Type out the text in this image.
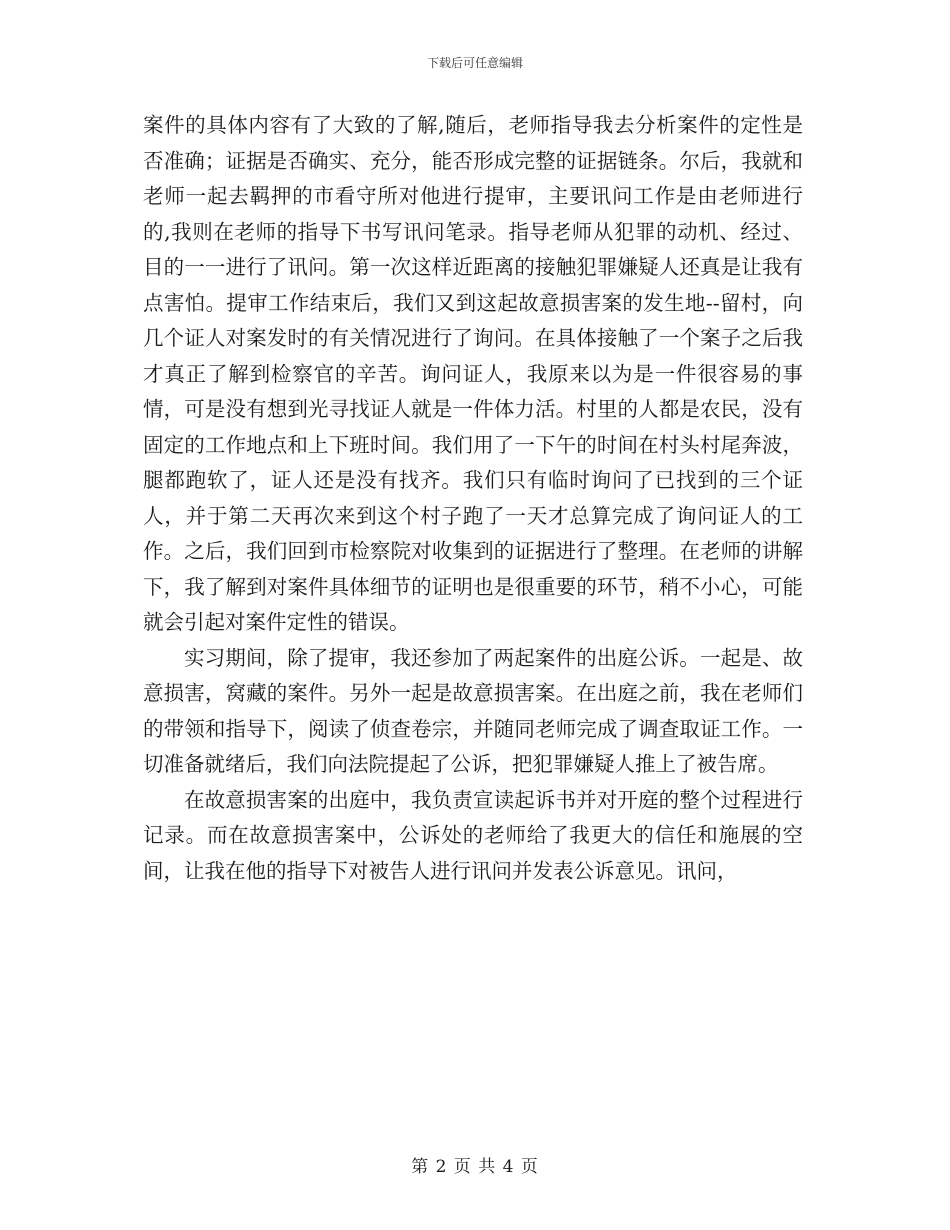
下载后可任意编辑

案件的具体内容有了大致的了解,随后，老师指导我去分析案件的定性是否准确；证据是否确实、充分，能否形成完整的证据链条。尔后，我就和老师一起去羁押的市看守所对他进行提审，主要讯问工作是由老师进行的,我则在老师的指导下书写讯问笔录。指导老师从犯罪的动机、经过、目的一一进行了讯问。第一次这样近距离的接触犯罪嫌疑人还真是让我有点害怕。提审工作结束后，我们又到这起故意损害案的发生地--留村，向几个证人对案发时的有关情况进行了询问。在具体接触了一个案子之后我才真正了解到检察官的辛苦。询问证人，我原来以为是一件很容易的事情，可是没有想到光寻找证人就是一件体力活。村里的人都是农民，没有固定的工作地点和上下班时间。我们用了一下午的时间在村头村尾奔波，腿都跑软了，证人还是没有找齐。我们只有临时询问了已找到的三个证人，并于第二天再次来到这个村子跑了一天才总算完成了询问证人的工作。之后，我们回到市检察院对收集到的证据进行了整理。在老师的讲解下，我了解到对案件具体细节的证明也是很重要的环节，稍不小心，可能就会引起对案件定性的错误。

实习期间，除了提审，我还参加了两起案件的出庭公诉。一起是、故意损害，窝藏的案件。另外一起是故意损害案。在出庭之前，我在老师们的带领和指导下，阅读了侦查卷宗，并随同老师完成了调查取证工作。一切准备就绪后，我们向法院提起了公诉，把犯罪嫌疑人推上了被告席。

在故意损害案的出庭中，我负责宣读起诉书并对开庭的整个过程进行记录。而在故意损害案中，公诉处的老师给了我更大的信任和施展的空间，让我在他的指导下对被告人进行讯问并发表公诉意见。讯问，

第 2 页 共 4 页
